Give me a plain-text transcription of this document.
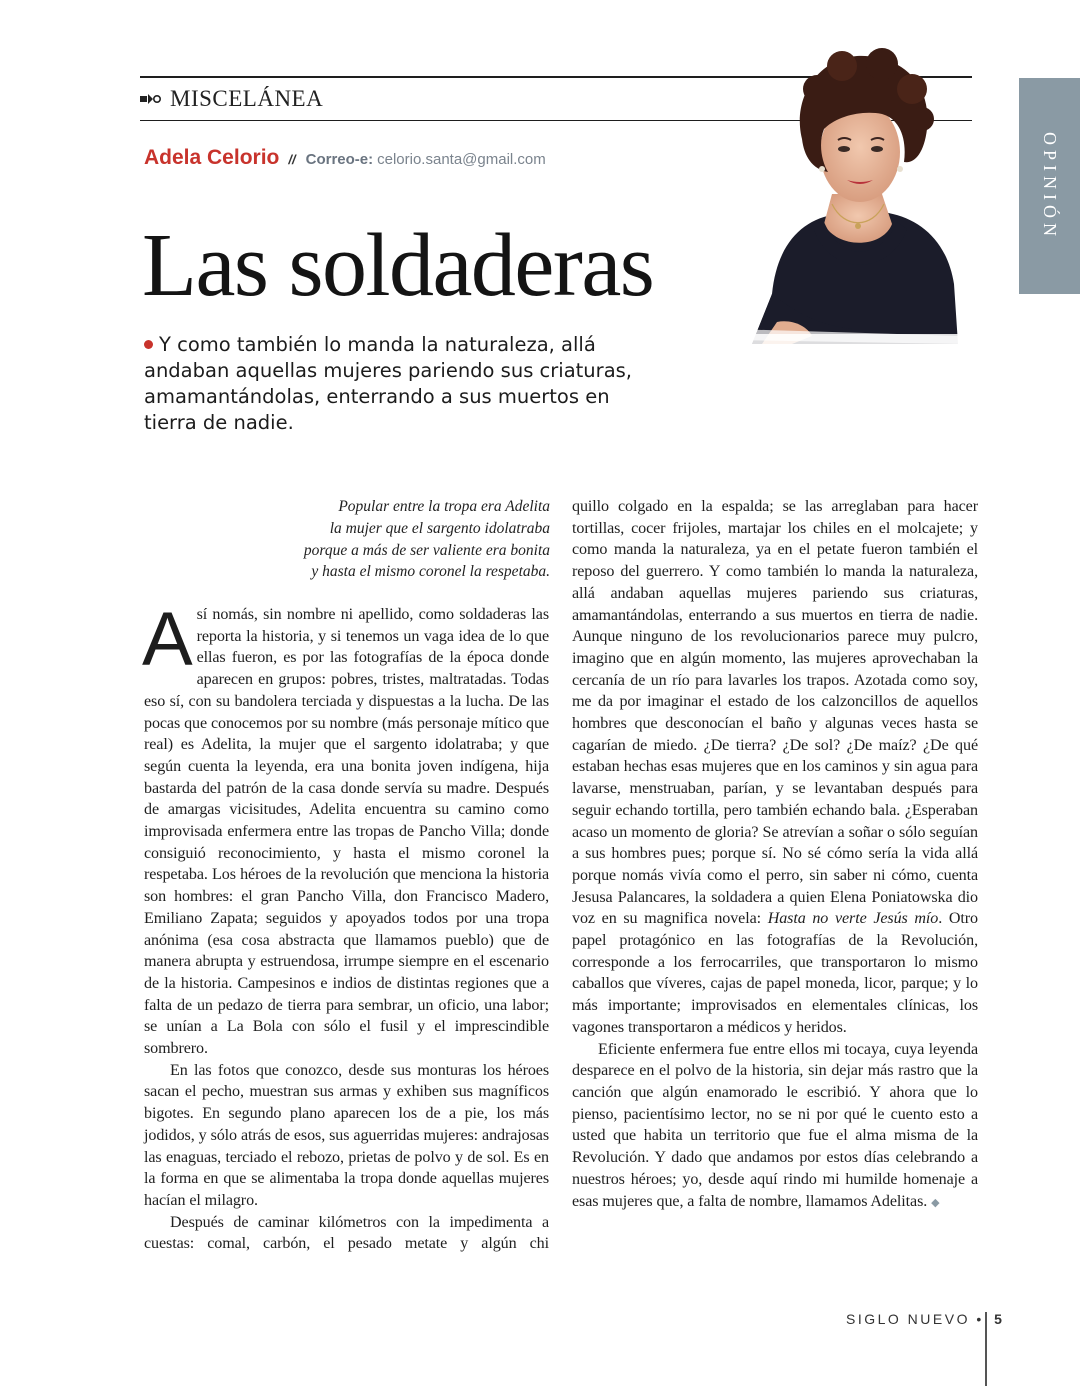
MISCELÁNEA
Adela Celorio // Correo-e: celorio.santa@gmail.com
Las soldaderas
Y como también lo manda la naturaleza, allá andaban aquellas mujeres pariendo sus criaturas, amamantándolas, enterrando a sus muertos en tierra de nadie.
OPINIÓN
Popular entre la tropa era Adelita
la mujer que el sargento idolatraba
porque a más de ser valiente era bonita
y hasta el mismo coronel la respetaba.

Así nomás, sin nombre ni apellido, como soldaderas las reporta la historia, y si tenemos un vaga idea de lo que ellas fueron, es por las fotografías de la época donde aparecen en grupos: pobres, tristes, maltratadas. Todas eso sí, con su bandolera terciada y dispuestas a la lucha. De las pocas que conocemos por su nombre (más personaje mítico que real) es Adelita, la mujer que el sargento idolatraba; y que según cuenta la leyenda, era una bonita joven indígena, hija bastarda del patrón de la casa donde servía su madre. Después de amargas vicisitudes, Adelita encuentra su camino como improvisada enfermera entre las tropas de Pancho Villa; donde consiguió reconocimiento, y hasta el mismo coronel la respetaba. Los héroes de la revolución que menciona la historia son hombres: el gran Pancho Villa, don Francisco Madero, Emiliano Zapata; seguidos y apoyados todos por una tropa anónima (esa cosa abstracta que llamamos pueblo) que de manera abrupta y estruendosa, irrumpe siempre en el escenario de la historia. Campesinos e indios de distintas regiones que a falta de un pedazo de tierra para sembrar, un oficio, una labor; se unían a La Bola con sólo el fusil y el imprescindible sombrero.

En las fotos que conozco, desde sus monturas los héroes sacan el pecho, muestran sus armas y exhiben sus magníficos bigotes. En segundo plano aparecen los de a pie, los más jodidos, y sólo atrás de esos, sus aguerridas mujeres: andrajosas las enaguas, terciado el rebozo, prietas de polvo y de sol. Es en la forma en que se alimentaba la tropa donde aquellas mujeres hacían el milagro.

Después de caminar kilómetros con la impedimenta a cuestas: comal, carbón, el pesado metate y algún chi

quillo colgado en la espalda; se las arreglaban para hacer tortillas, cocer frijoles, martajar los chiles en el molcajete; y como manda la naturaleza, ya en el petate fueron también el reposo del guerrero. Y como también lo manda la naturaleza, allá andaban aquellas mujeres pariendo sus criaturas, amamantándolas, enterrando a sus muertos en tierra de nadie. Aunque ninguno de los revolucionarios parece muy pulcro, imagino que en algún momento, las mujeres aprovechaban la cercanía de un río para lavarles los trapos. Azotada como soy, me da por imaginar el estado de los calzoncillos de aquellos hombres que desconocían el baño y algunas veces hasta se cagarían de miedo. ¿De tierra? ¿De sol? ¿De maíz? ¿De qué estaban hechas esas mujeres que en los caminos y sin agua para lavarse, menstruaban, parían, y se levantaban después para seguir echando tortilla, pero también echando bala. ¿Esperaban acaso un momento de gloria? Se atrevían a soñar o sólo seguían a sus hombres pues; porque sí. No sé cómo sería la vida allá porque nomás vivía como el perro, sin saber ni cómo, cuenta Jesusa Palancares, la soldadera a quien Elena Poniatowska dio voz en su magnifica novela: Hasta no verte Jesús mío. Otro papel protagónico en las fotografías de la Revolución, corresponde a los ferrocarriles, que transportaron lo mismo caballos que víveres, cajas de papel moneda, licor, parque; y lo más importante; improvisados en elementales clínicas, los vagones transportaron a médicos y heridos.

Eficiente enfermera fue entre ellos mi tocaya, cuya leyenda desparece en el polvo de la historia, sin dejar más rastro que la canción que algún enamorado le escribió. Y ahora que lo pienso, pacientísimo lector, no se ni por qué le cuento esto a usted que habita un territorio que fue el alma misma de la Revolución. Y dado que andamos por estos días celebrando a nuestros héroes; yo, desde aquí rindo mi humilde homenaje a esas mujeres que, a falta de nombre, llamamos Adelitas. ◆

SIGLO NUEVO • 5
